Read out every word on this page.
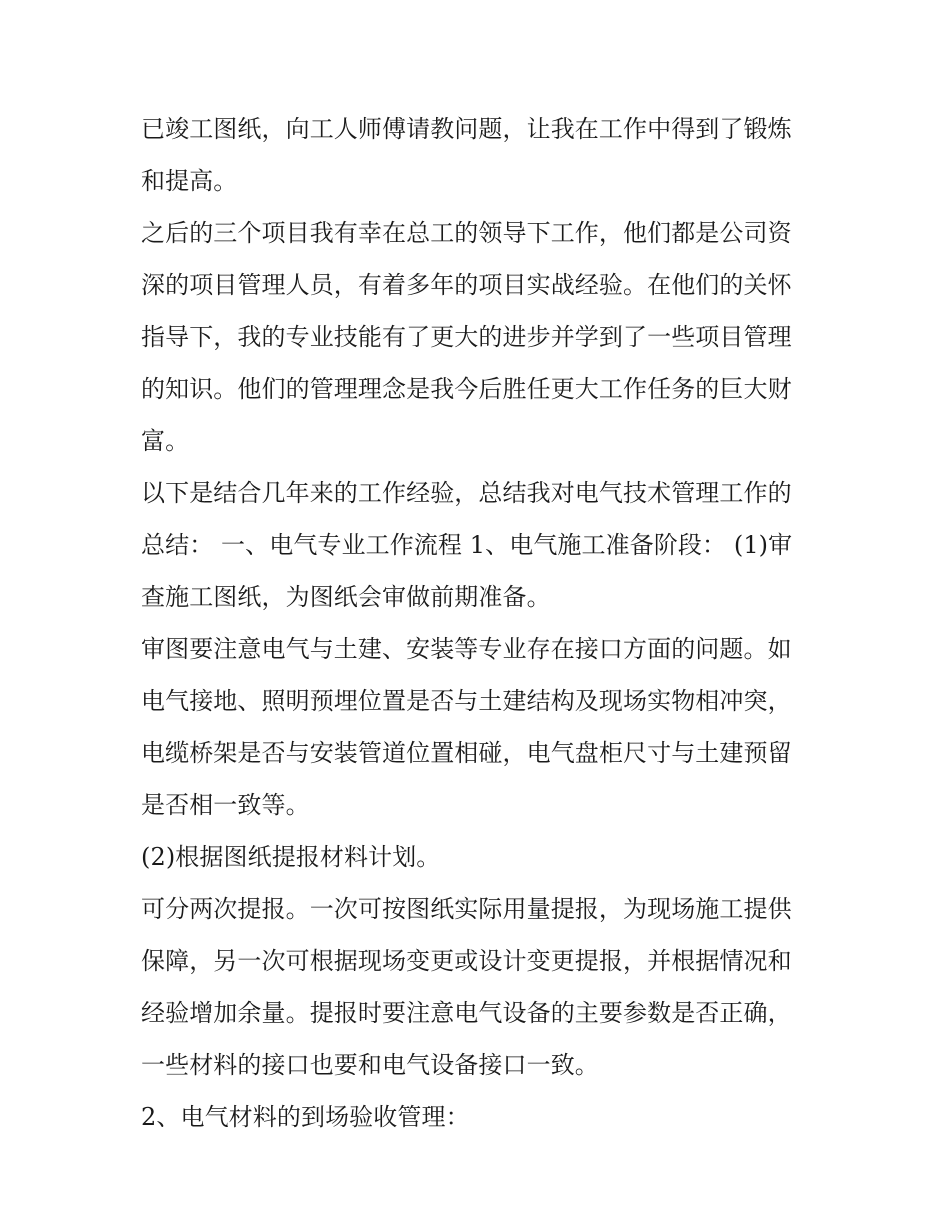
已竣工图纸，向工人师傅请教问题，让我在工作中得到了锻炼
和提高。
之后的三个项目我有幸在总工的领导下工作，他们都是公司资
深的项目管理人员，有着多年的项目实战经验。在他们的关怀
指导下，我的专业技能有了更大的进步并学到了一些项目管理
的知识。他们的管理理念是我今后胜任更大工作任务的巨大财
富。
以下是结合几年来的工作经验，总结我对电气技术管理工作的
总结： 一、电气专业工作流程 1、电气施工准备阶段： (1)审
查施工图纸，为图纸会审做前期准备。
审图要注意电气与土建、安装等专业存在接口方面的问题。如
电气接地、照明预埋位置是否与土建结构及现场实物相冲突，
电缆桥架是否与安装管道位置相碰，电气盘柜尺寸与土建预留
是否相一致等。
(2)根据图纸提报材料计划。
可分两次提报。一次可按图纸实际用量提报，为现场施工提供
保障，另一次可根据现场变更或设计变更提报，并根据情况和
经验增加余量。提报时要注意电气设备的主要参数是否正确，
一些材料的接口也要和电气设备接口一致。
2、电气材料的到场验收管理：
